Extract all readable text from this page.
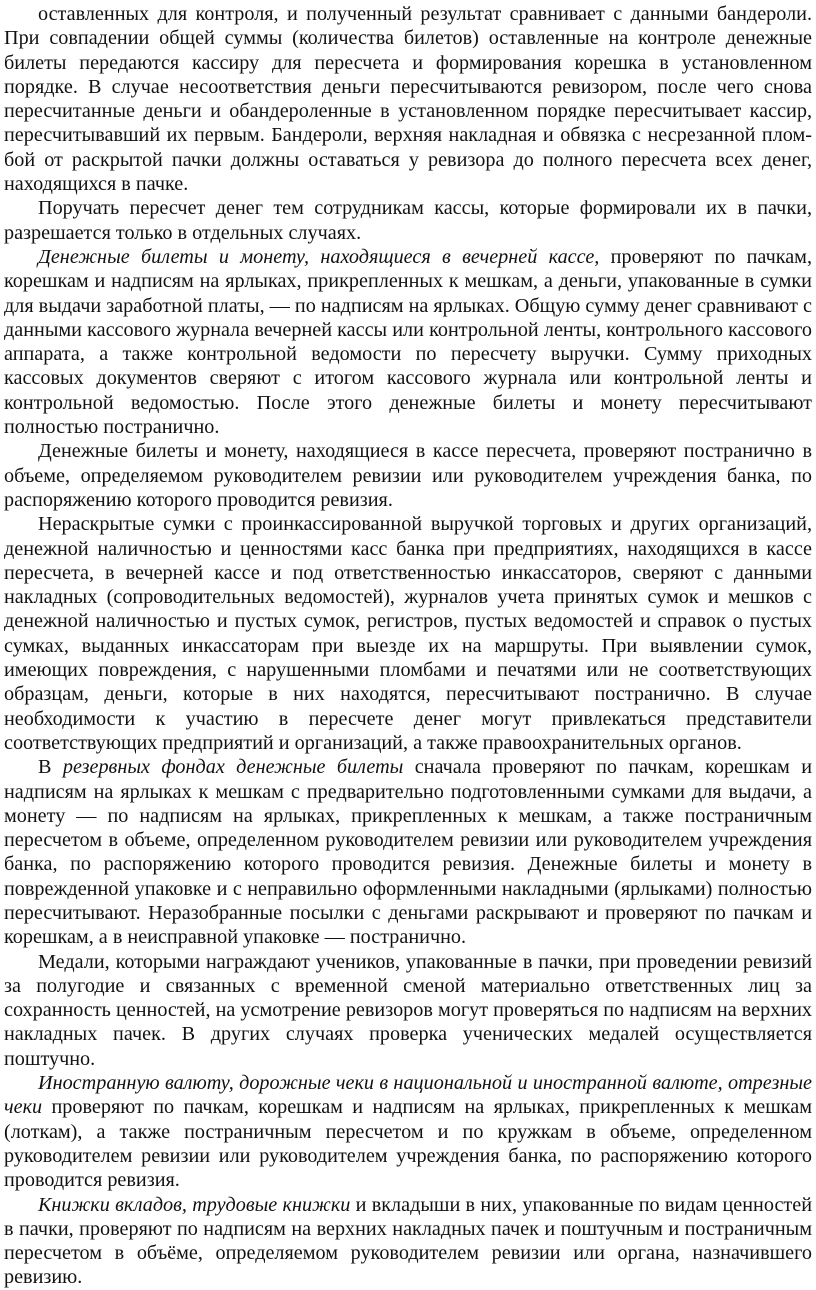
оставленных для контроля, и полученный результат сравнивает с данными бандероли. При совпадении общей суммы (количества билетов) оставленные на контроле денежные билеты передаются кассиру для пересчета и формирования корешка в установленном порядке. В случае несоответствия деньги пересчитываются ревизором, после чего снова пересчитанные деньги и обандероленные в установленном порядке пересчитывает кассир, пересчитывавший их первым. Бандероли, верхняя накладная и обвязка с несрезанной пломбой от раскрытой пачки должны оставаться у ревизора до полного пересчета всех денег, находящихся в пачке.

Поручать пересчет денег тем сотрудникам кассы, которые формировали их в пачки, разрешается только в отдельных случаях.

Денежные билеты и монету, находящиеся в вечерней кассе, проверяют по пачкам, корешкам и надписям на ярлыках, прикрепленных к мешкам, а деньги, упакованные в сумки для выдачи заработной платы, — по надписям на ярлыках. Общую сумму денег сравнивают с данными кассового журнала вечерней кассы или контрольной ленты, контрольного кассового аппарата, а также контрольной ведомости по пересчету выручки. Сумму приходных кассовых документов сверяют с итогом кассового журнала или контрольной ленты и контрольной ведомостью. После этого денежные билеты и монету пересчитывают полностью постранично.

Денежные билеты и монету, находящиеся в кассе пересчета, проверяют постранично в объеме, определяемом руководителем ревизии или руководителем учреждения банка, по распоряжению которого проводится ревизия.

Нераскрытые сумки с проинкассированной выручкой торговых и других организаций, денежной наличностью и ценностями касс банка при предприятиях, находящихся в кассе пересчета, в вечерней кассе и под ответственностью инкассаторов, сверяют с данными накладных (сопроводительных ведомостей), журналов учета принятых сумок и мешков с денежной наличностью и пустых сумок, регистров, пустых ведомостей и справок о пустых сумках, выданных инкассаторам при выезде их на маршруты. При выявлении сумок, имеющих повреждения, с нарушенными пломбами и печатями или не соответствующих образцам, деньги, которые в них находятся, пересчитывают постранично. В случае необходимости к участию в пересчете денег могут привлекаться представители соответствующих предприятий и организаций, а также правоохранительных органов.

В резервных фондах денежные билеты сначала проверяют по пачкам, корешкам и надписям на ярлыках к мешкам с предварительно подготовленными сумками для выдачи, а монету — по надписям на ярлыках, прикрепленных к мешкам, а также постраничным пересчетом в объеме, определенном руководителем ревизии или руководителем учреждения банка, по распоряжению которого проводится ревизия. Денежные билеты и монету в поврежденной упаковке и с неправильно оформленными накладными (ярлыками) полностью пересчитывают. Неразобранные посылки с деньгами раскрывают и проверяют по пачкам и корешкам, а в неисправной упаковке — постранично.

Медали, которыми награждают учеников, упакованные в пачки, при проведении ревизий за полугодие и связанных с временной сменой материально ответственных лиц за сохранность ценностей, на усмотрение ревизоров могут проверяться по надписям на верхних накладных пачек. В других случаях проверка ученических медалей осуществляется поштучно.

Иностранную валюту, дорожные чеки в национальной и иностранной валюте, отрезные чеки проверяют по пачкам, корешкам и надписям на ярлыках, прикрепленных к мешкам (лоткам), а также постраничным пересчетом и по кружкам в объеме, определенном руководителем ревизии или руководителем учреждения банка, по распоряжению которого проводится ревизия.

Книжки вкладов, трудовые книжки и вкладыши в них, упакованные по видам ценностей в пачки, проверяют по надписям на верхних накладных пачек и поштучным и постраничным пересчетом в объёме, определяемом руководителем ревизии или органа, назначившего ревизию.
